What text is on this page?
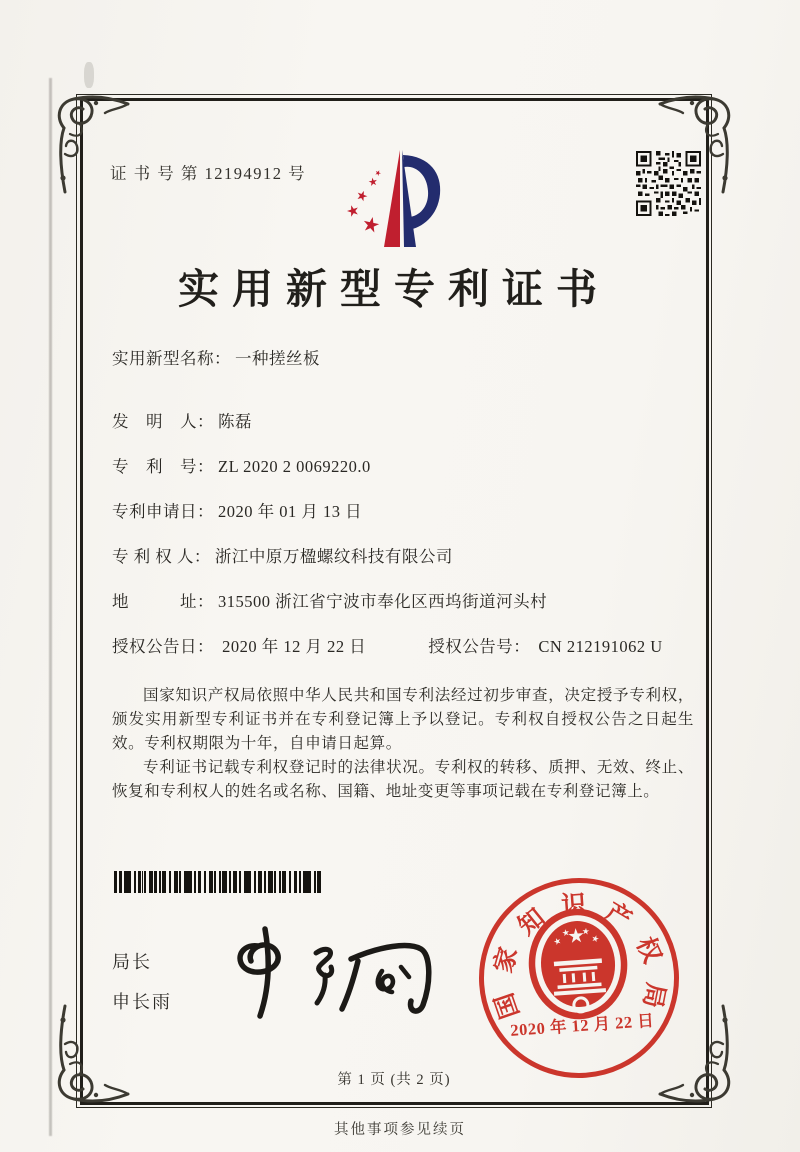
证 书 号 第 12194912 号
实用新型专利证书
实用新型名称： 一种搓丝板
发　明　人： 陈磊
专　利　号： ZL 2020 2 0069220.0
专利申请日： 2020 年 01 月 13 日
专 利 权 人： 浙江中原万楹螺纹科技有限公司
地　　　址： 315500 浙江省宁波市奉化区西坞街道河头村
授权公告日： 2020 年 12 月 22 日	授权公告号： CN 212191062 U

国家知识产权局依照中华人民共和国专利法经过初步审查，决定授予专利权，颁发实用新型专利证书并在专利登记簿上予以登记。专利权自授权公告之日起生效。专利权期限为十年，自申请日起算。

专利证书记载专利权登记时的法律状况。专利权的转移、质押、无效、终止、恢复和专利权人的姓名或名称、国籍、地址变更等事项记载在专利登记簿上。

局长
申长雨	国
家
知 识 产
权
局
2020 年 12 月 22 日
第 1 页 (共 2 页)
其他事项参见续页
